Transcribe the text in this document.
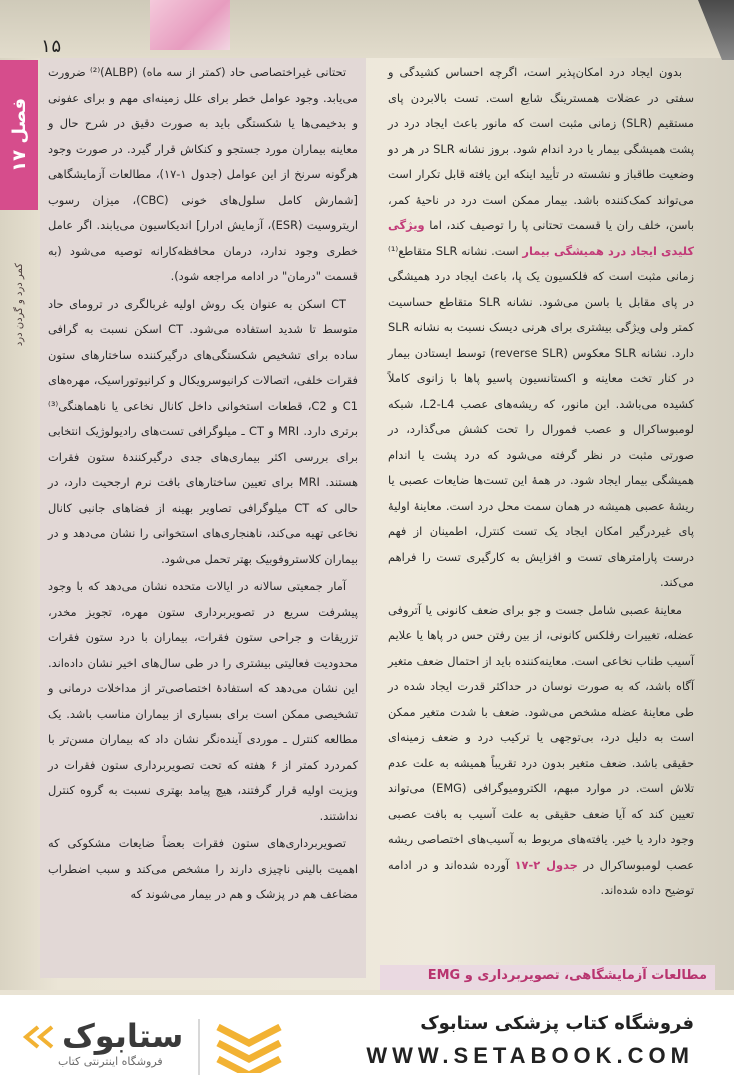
۱۵
فصل ۱۷
کمر درد و گردن درد

تحتانی غیراختصاصی حاد (کمتر از سه ماه) (ALBP)⁽²⁾ ضرورت می‌یابد. وجود عوامل خطر برای علل زمینه‌ای مهم و برای عفونی و بدخیمی‌ها یا شکستگی باید به صورت دقیق در شرح حال و معاینه بیماران مورد جستجو و کنکاش قرار گیرد. در صورت وجود هرگونه سرنخ از این عوامل (جدول ۱-۱۷)، مطالعات آزمایشگاهی [شمارش کامل سلول‌های خونی (CBC)، میزان رسوب اریتروسیت (ESR)، آزمایش ادرار] اندیکاسیون می‌یابند. اگر عامل خطری وجود ندارد، درمان محافظه‌کارانه توصیه می‌شود (به قسمت "درمان" در ادامه مراجعه شود).

CT اسکن به عنوان یک روش اولیه غربالگری در ترومای حاد متوسط تا شدید استفاده می‌شود. CT اسکن نسبت به گرافی ساده برای تشخیص شکستگی‌های درگیرکننده ساختارهای ستون فقرات خلفی، اتصالات کرانیوسرویکال و کرانیوتوراسیک، مهره‌های C1 و C2، قطعات استخوانی داخل کانال نخاعی یا ناهماهنگی⁽³⁾ برتری دارد. MRI و CT ـ میلوگرافی تست‌های رادیولوژیک انتخابی برای بررسی اکثر بیماری‌های جدی درگیرکنندهٔ ستون فقرات هستند. MRI برای تعیین ساختارهای بافت نرم ارجحیت دارد، در حالی که CT میلوگرافی تصاویر بهینه از فضاهای جانبی کانال نخاعی تهیه می‌کند، ناهنجاری‌های استخوانی را نشان می‌دهد و در بیماران کلاستروفوبیک بهتر تحمل می‌شود.

آمار جمعیتی سالانه در ایالات متحده نشان می‌دهد که با وجود پیشرفت سریع در تصویربرداری ستون مهره، تجویز مخدر، تزریقات و جراحی ستون فقرات، بیماران با درد ستون فقرات محدودیت فعالیتی بیشتری را در طی سال‌های اخیر نشان داده‌اند. این نشان می‌دهد که استفادهٔ اختصاصی‌تر از مداخلات درمانی و تشخیصی ممکن است برای بسیاری از بیماران مناسب باشد. یک مطالعه کنترل ـ موردی آینده‌نگر نشان داد که بیماران مسن‌تر با کمردرد کمتر از ۶ هفته که تحت تصویربرداری ستون فقرات در ویزیت اولیه قرار گرفتند، هیچ پیامد بهتری نسبت به گروه کنترل نداشتند.

تصویربرداری‌های ستون فقرات بعضاً ضایعات مشکوکی که اهمیت بالینی ناچیزی دارند را مشخص می‌کند و سبب اضطراب مضاعف هم در پزشک و هم در بیمار می‌شوند که

بدون ایجاد درد امکان‌پذیر است، اگرچه احساس کشیدگی و سفتی در عضلات همسترینگ شایع است. تست بالابردن پای مستقیم (SLR) زمانی مثبت است که مانور باعث ایجاد درد در پشت همیشگی بیمار یا درد اندام شود. بروز نشانه SLR در هر دو وضعیت طاقباز و نشسته در تأیید اینکه این یافته قابل تکرار است می‌تواند کمک‌کننده باشد. بیمار ممکن است درد در ناحیهٔ کمر، باسن، خلف ران یا قسمت تحتانی پا را توصیف کند، اما ویژگی کلیدی ایجاد درد همیشگی بیمار است. نشانه SLR متقاطع⁽¹⁾ زمانی مثبت است که فلکسیون یک پا، باعث ایجاد درد همیشگی در پای مقابل یا باسن می‌شود. نشانه SLR متقاطع حساسیت کمتر ولی ویژگی بیشتری برای هرنی دیسک نسبت به نشانه SLR دارد. نشانه SLR معکوس (reverse SLR) توسط ایستادن بیمار در کنار تخت معاینه و اکستانسیون پاسیو پاها با زانوی کاملاً کشیده می‌باشد. این مانور، که ریشه‌های عصب L2-L4، شبکه لومبوساکرال و عصب فمورال را تحت کشش می‌گذارد، در صورتی مثبت در نظر گرفته می‌شود که درد پشت یا اندام همیشگی بیمار ایجاد شود. در همهٔ این تست‌ها ضایعات عصبی یا ریشهٔ عصبی همیشه در همان سمت محل درد است. معاینهٔ اولیهٔ پای غیردرگیر امکان ایجاد یک تست کنترل، اطمینان از فهم درست پارامترهای تست و افزایش به کارگیری تست را فراهم می‌کند.

معاینهٔ عصبی شامل جست و جو برای ضعف کانونی یا آتروفی عضله، تغییرات رفلکس کانونی، از بین رفتن حس در پاها یا علایم آسیب طناب نخاعی است. معاینه‌کننده باید از احتمال ضعف متغیر آگاه باشد، که به صورت نوسان در حداکثر قدرت ایجاد شده در طی معاینهٔ عضله مشخص می‌شود. ضعف با شدت متغیر ممکن است به دلیل درد، بی‌توجهی یا ترکیب درد و ضعف زمینه‌ای حقیقی باشد. ضعف متغیر بدون درد تقریباً همیشه به علت عدم تلاش است. در موارد مبهم، الکترومیوگرافی (EMG) می‌تواند تعیین کند که آیا ضعف حقیقی به علت آسیب به بافت عصبی وجود دارد یا خیر. یافته‌های مربوط به آسیب‌های اختصاصی ریشه عصب لومبوساکرال در جدول ۲-۱۷ آورده شده‌اند و در ادامه توضیح داده شده‌اند.

مطالعات آزمایشگاهی، تصویربرداری و EMG
ستابوک
فروشگاه اینترنتی کتاب
فروشگاه کتاب پزشکی ستابوک
WWW.SETABOOK.COM
